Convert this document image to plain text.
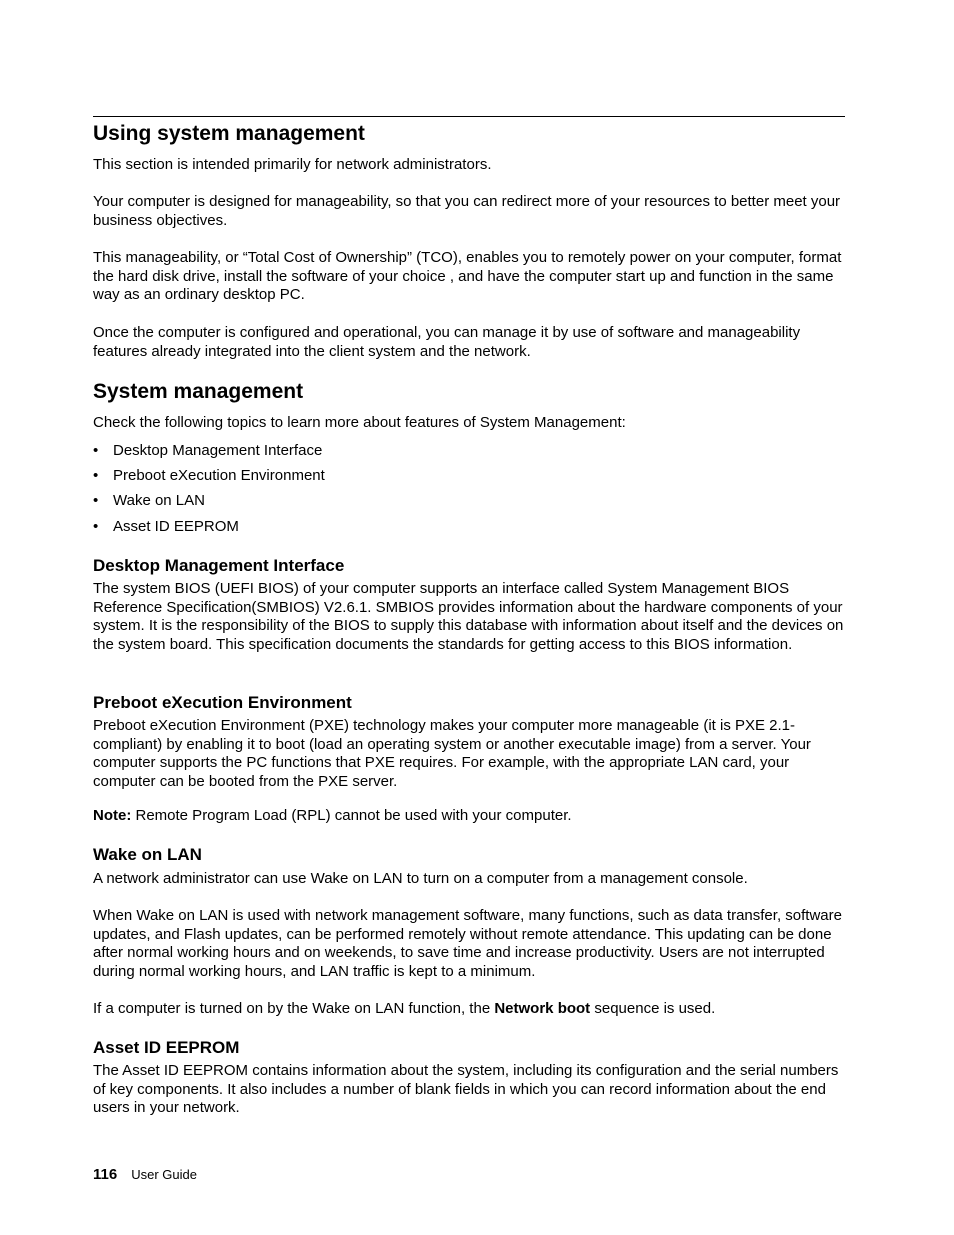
Using system management

This section is intended primarily for network administrators.

Your computer is designed for manageability, so that you can redirect more of your resources to better meet your business objectives.

This manageability, or “Total Cost of Ownership” (TCO), enables you to remotely power on your computer, format the hard disk drive, install the software of your choice , and have the computer start up and function in the same way as an ordinary desktop PC.

Once the computer is configured and operational, you can manage it by use of software and manageability features already integrated into the client system and the network.

System management

Check the following topics to learn more about features of System Management:

• Desktop Management Interface
• Preboot eXecution Environment
• Wake on LAN
• Asset ID EEPROM
Desktop Management Interface

The system BIOS (UEFI BIOS) of your computer supports an interface called System Management BIOS Reference Specification(SMBIOS) V2.6.1. SMBIOS provides information about the hardware components of your system. It is the responsibility of the BIOS to supply this database with information about itself and the devices on the system board. This specification documents the standards for getting access to this BIOS information.

Preboot eXecution Environment

Preboot eXecution Environment (PXE) technology makes your computer more manageable (it is PXE 2.1-compliant) by enabling it to boot (load an operating system or another executable image) from a server. Your computer supports the PC functions that PXE requires. For example, with the appropriate LAN card, your computer can be booted from the PXE server.

Note: Remote Program Load (RPL) cannot be used with your computer.

Wake on LAN

A network administrator can use Wake on LAN to turn on a computer from a management console.

When Wake on LAN is used with network management software, many functions, such as data transfer, software updates, and Flash updates, can be performed remotely without remote attendance. This updating can be done after normal working hours and on weekends, to save time and increase productivity. Users are not interrupted during normal working hours, and LAN traffic is kept to a minimum.

If a computer is turned on by the Wake on LAN function, the Network boot sequence is used.

Asset ID EEPROM

The Asset ID EEPROM contains information about the system, including its configuration and the serial numbers of key components. It also includes a number of blank fields in which you can record information about the end users in your network.

116 User Guide
